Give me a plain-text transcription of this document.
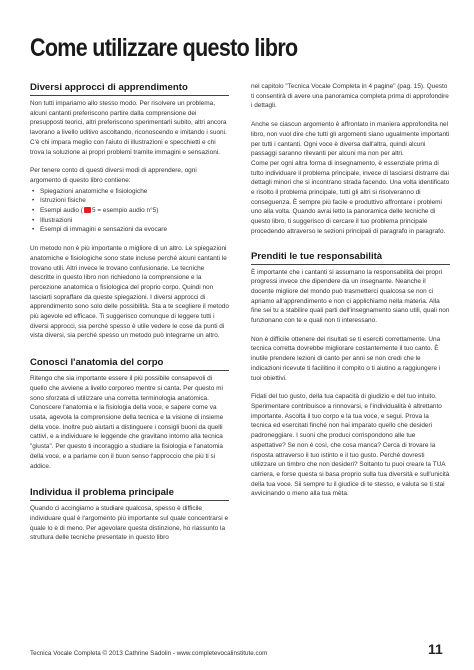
Come utilizzare questo libro
Diversi approcci di apprendimento

Non tutti impariamo allo stesso modo. Per risolvere un problema, alcuni cantanti preferiscono partire dalla comprensione dei presupposti teorici, altri preferiscono sperimentarli subito, altri ancora lavorano a livello uditivo ascoltando, riconoscendo e imitando i suoni. C'è chi impara meglio con l'aiuto di illustrazioni e specchietti e chi trova la soluzione ai propri problemi tramite immagini e sensazioni.

Per tenere conto di questi diversi modi di apprendere, ogni argomento di questo libro contiene:

• Spiegazioni anatomiche e fisiologiche
• Istruzioni fisiche
• Esempi audio ( 5 = esempio audio n°5)
• Illustrazioni
• Esempi di immagini e sensazioni da evocare

Un metodo non è più importante o migliore di un altro. Le spiegazioni anatomiche e fisiologiche sono state incluse perché alcuni cantanti le trovano utili. Altri invece le trovano confusionarie. Le tecniche descritte in questo libro non richiedono la comprensione e la percezione anatomica o fisiologica del proprio corpo. Quindi non lasciarti sopraffare da queste spiegazioni. I diversi approcci di apprendimento sono solo delle possibilità. Sta a te scegliere il metodo più agevole ed efficace. Ti suggerisco comunque di leggere tutti i diversi approcci, sia perché spesso è utile vedere le cose da punti di vista diversi, sia perché spesso un metodo può integrarne un altro.

Conosci l'anatomia del corpo

Ritengo che sia importante essere il più possibile consapevoli di quello che avviene a livello corporeo mentre si canta. Per questo mi sono sforzata di utilizzare una corretta terminologia anatomica. Conoscere l'anatomia e la fisiologia della voce, e sapere come va usata, agevola la comprensione della tecnica e la visione di insieme della voce. Inoltre può aiutarti a distinguere i consigli buoni da quelli cattivi, e a individuare le leggende che gravitano intorno alla tecnica "giusta". Per questo ti incoraggio a studiare la fisiologia e l'anatomia della voce, e a parlarne con il buon senso l'approccio che più ti si addice.

Individua il problema principale

Quando ci accingiamo a studiare qualcosa, spesso è difficile individuare qual è l'argomento più importante sul quale concentrarsi e quale lo è di meno. Per agevolare questa distinzione, ho riassunto la struttura delle tecniche presentate in questo libro

nel capitolo "Tecnica Vocale Completa in 4 pagine" (pag. 15). Questo ti consentirà di avere una panoramica completa prima di approfondire i dettagli.

Anche se ciascun argomento è affrontato in maniera approfondita nel libro, non vuol dire che tutti gli argomenti siano ugualmente importanti per tutti i cantanti. Ogni voce è diversa dall'altra, quindi alcuni passaggi saranno rilevanti per alcuni ma non per altri.

Come per ogni altra forma di insegnamento, è essenziale prima di tutto individuare il problema principale, invece di lasciarsi distrarre dai dettagli minori che si incontrano strada facendo. Una volta identificato e risolto il problema principale, tutti gli altri si risolveranno di conseguenza. È sempre più facile e produttivo affrontare i problemi uno alla volta. Quando avrai letto la panoramica delle tecniche di questo libro, ti suggerisco di cercare il tuo problema principale procedendo attraverso le sezioni principali di paragrafo in paragrafo.

Prenditi le tue responsabilità

È importante che i cantanti si assumano la responsabilità dei propri progressi invece che dipendere da un insegnante. Neanche il docente migliore del mondo può trasmetterci qualcosa se non ci apriamo all'apprendimento e non ci applichiamo nella materia. Alla fine sei tu a stabilire quali parti dell'insegnamento siano utili, quali non funzionano con te e quali non ti interessano.

Non è difficile ottenere dei risultati se ti eserciti correttamente. Una tecnica corretta dovrebbe migliorare costantemente il tuo canto. È inutile prendere lezioni di canto per anni se non credi che le indicazioni ricevute ti facilitino il compito o ti aiutino a raggiungere i tuoi obiettivi.

Fidati del tuo gusto, della tua capacità di giudizio e del tuo intuito. Sperimentare contribuisce a rinnovarsi, e l'individualità è altrettanto importante. Ascolta il tuo corpo e la tua voce, e segui. Prova la tecnica ed esercitati finché non hai imparato quello che desideri padroneggiare. I suoni che produci corrispondono alle tue aspettative? Se non è così, che cosa manca? Cerca di trovare la risposta attraverso il tuo istinto e il tuo gusto. Perché dovresti utilizzare un timbro che non desideri? Soltanto tu puoi creare la TUA carriera, e forse questa si basa proprio sulla tua diversità e sull'unicità della tua voce. Sii sempre tu il giudice di te stesso, e valuta se ti stai avvicinando o meno alla tua mèta.

Tecnica Vocale Completa © 2013 Cathrine Sadolin - www.completevocalinstitute.com	11
